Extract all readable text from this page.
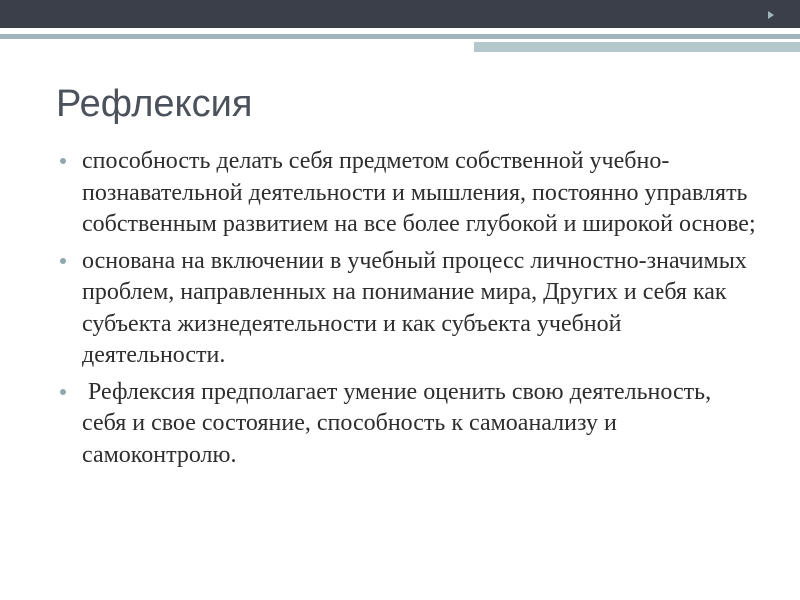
Рефлексия
способность делать себя предметом собственной учебно-познавательной деятельности и мышления, постоянно управлять собственным развитием на все более глубокой и широкой основе;
основана на включении в учебный процесс личностно-значимых проблем, направленных на понимание мира, Других и себя как субъекта жизнедеятельности и как субъекта учебной деятельности.
Рефлексия предполагает умение оценить свою деятельность, себя и свое состояние, способность к самоанализу и самоконтролю.
